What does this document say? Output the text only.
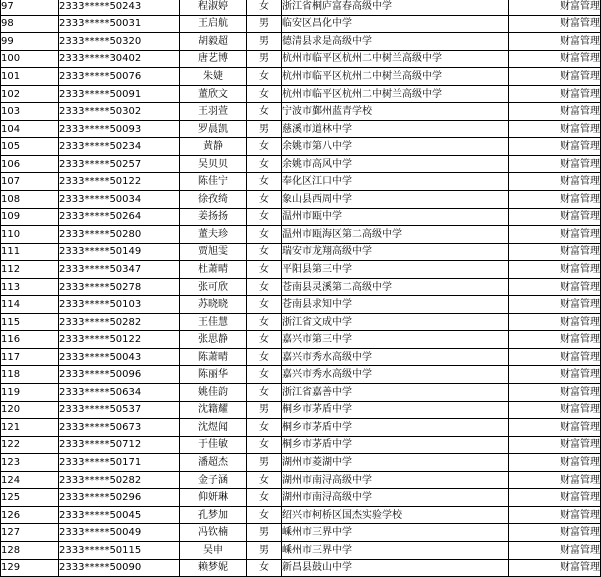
97	2333*****50243	程淑婷	女	浙江省桐庐富春高级中学	财富管理
98	2333*****50031	王启航	男	临安区昌化中学	财富管理
99	2333*****50320	胡毅超	男	德清县求是高级中学	财富管理
100	2333*****30402	唐艺博	男	杭州市临平区杭州二中树兰高级中学	财富管理
101	2333*****50076	朱婕	女	杭州市临平区杭州二中树兰高级中学	财富管理
102	2333*****50091	董欣文	女	杭州市临平区杭州二中树兰高级中学	财富管理
103	2333*****50302	王羽萱	女	宁波市鄞州蓝青学校	财富管理
104	2333*****50093	罗晨凯	男	慈溪市道林中学	财富管理
105	2333*****50234	黄静	女	余姚市第八中学	财富管理
106	2333*****50257	吴贝贝	女	余姚市高风中学	财富管理
107	2333*****50122	陈佳宁	女	奉化区江口中学	财富管理
108	2333*****50034	徐孜绮	女	象山县西周中学	财富管理
109	2333*****50264	姜扬扬	女	温州市瓯中学	财富管理
110	2333*****50280	董夫珍	女	温州市瓯海区第二高级中学	财富管理
111	2333*****50149	贾旭雯	女	瑞安市龙翔高级中学	财富管理
112	2333*****50347	杜萧晴	女	平阳县第三中学	财富管理
113	2333*****50278	张可欣	女	苍南县灵溪第二高级中学	财富管理
114	2333*****50103	苏晓晓	女	苍南县求知中学	财富管理
115	2333*****50282	王佳慧	女	浙江省文成中学	财富管理
116	2333*****50122	张思静	女	嘉兴市第三中学	财富管理
117	2333*****50043	陈萧晴	女	嘉兴市秀水高级中学	财富管理
118	2333*****50096	陈丽华	女	嘉兴市秀水高级中学	财富管理
119	2333*****50634	姚佳韵	女	浙江省嘉善中学	财富管理
120	2333*****50537	沈籍耀	男	桐乡市茅盾中学	财富管理
121	2333*****50673	沈煜闻	女	桐乡市茅盾中学	财富管理
122	2333*****50712	于佳敏	女	桐乡市茅盾中学	财富管理
123	2333*****50171	潘超杰	男	湖州市菱湖中学	财富管理
124	2333*****50282	金子涵	女	湖州市南浔高级中学	财富管理
125	2333*****50296	仰妍琳	女	湖州市南浔高级中学	财富管理
126	2333*****50045	孔梦加	女	绍兴市柯桥区国杰实验学校	财富管理
127	2333*****50049	冯钦楠	男	嵊州市三界中学	财富管理
128	2333*****50115	吴申	男	嵊州市三界中学	财富管理
129	2333*****50090	赖梦妮	女	新昌县鼓山中学	财富管理
